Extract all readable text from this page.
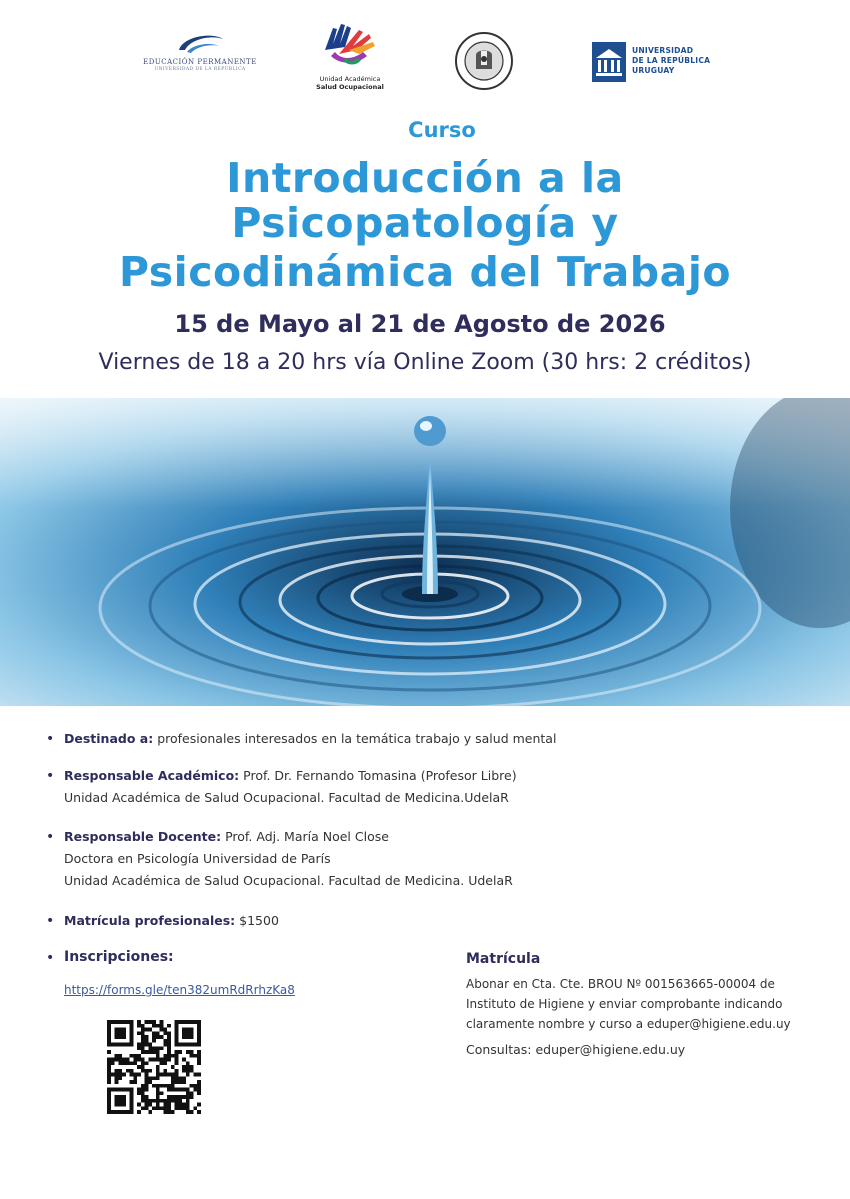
EDUCACIÓN PERMANENTE
UNIVERSIDAD DE LA REPÚBLICA
Unidad Académica
Salud Ocupacional
UNIVERSIDAD
DE LA REPÚBLICA
URUGUAY
Curso
Introducción a la
Psicopatología y
Psicodinámica del Trabajo
15 de Mayo al 21 de Agosto de 2026
Viernes de 18 a 20 hrs vía Online Zoom (30 hrs: 2 créditos)
• Destinado a: profesionales interesados en la temática trabajo y salud mental
• Responsable Académico: Prof. Dr. Fernando Tomasina (Profesor Libre)
Unidad Académica de Salud Ocupacional. Facultad de Medicina.UdelaR
• Responsable Docente: Prof. Adj. María Noel Close
Doctora en Psicología Universidad de París
Unidad Académica de Salud Ocupacional. Facultad de Medicina. UdelaR
• Matrícula profesionales: $1500
• Inscripciones:
https://forms.gle/ten382umRdRrhzKa8
Matrícula
Abonar en Cta. Cte. BROU Nº 001563665-00004 de
Instituto de Higiene y enviar comprobante indicando
claramente nombre y curso a eduper@higiene.edu.uy
Consultas: eduper@higiene.edu.uy
